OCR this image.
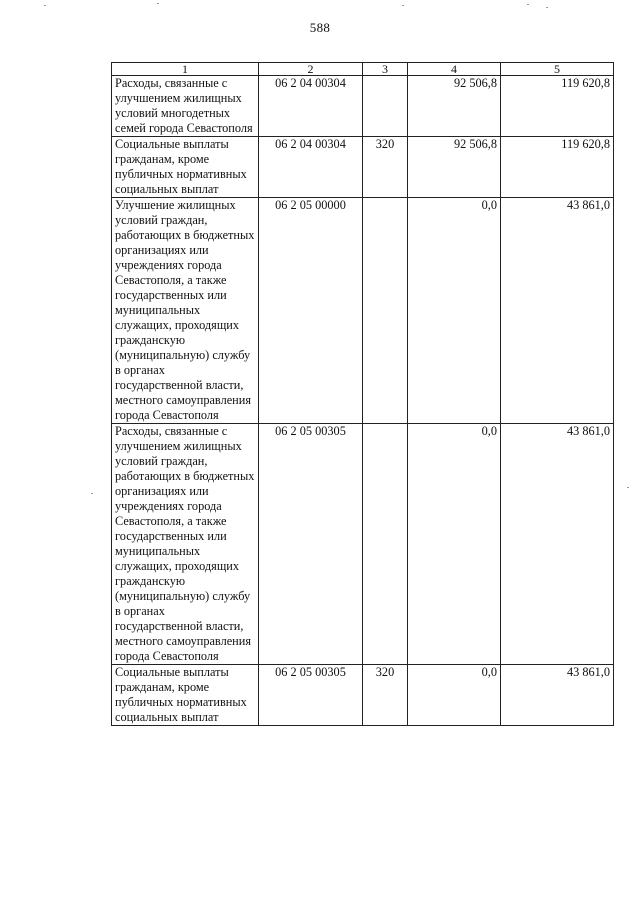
588
1	2	3	4	5
Расходы, связанные с улучшением жилищных условий многодетных семей города Севастополя	06 2 04 00304		92 506,8	119 620,8
Социальные выплаты гражданам, кроме публичных нормативных социальных выплат	06 2 04 00304	320	92 506,8	119 620,8
Улучшение жилищных условий граждан, работающих в бюджетных организациях или учреждениях города Севастополя, а также государственных или муниципальных служащих, проходящих гражданскую (муниципальную) службу в органах государственной власти, местного самоуправления города Севастополя	06 2 05 00000		0,0	43 861,0
Расходы, связанные с улучшением жилищных условий граждан, работающих в бюджетных организациях или учреждениях города Севастополя, а также государственных или муниципальных служащих, проходящих гражданскую (муниципальную) службу в органах государственной власти, местного самоуправления города Севастополя	06 2 05 00305		0,0	43 861,0
Социальные выплаты гражданам, кроме публичных нормативных социальных выплат	06 2 05 00305	320	0,0	43 861,0
